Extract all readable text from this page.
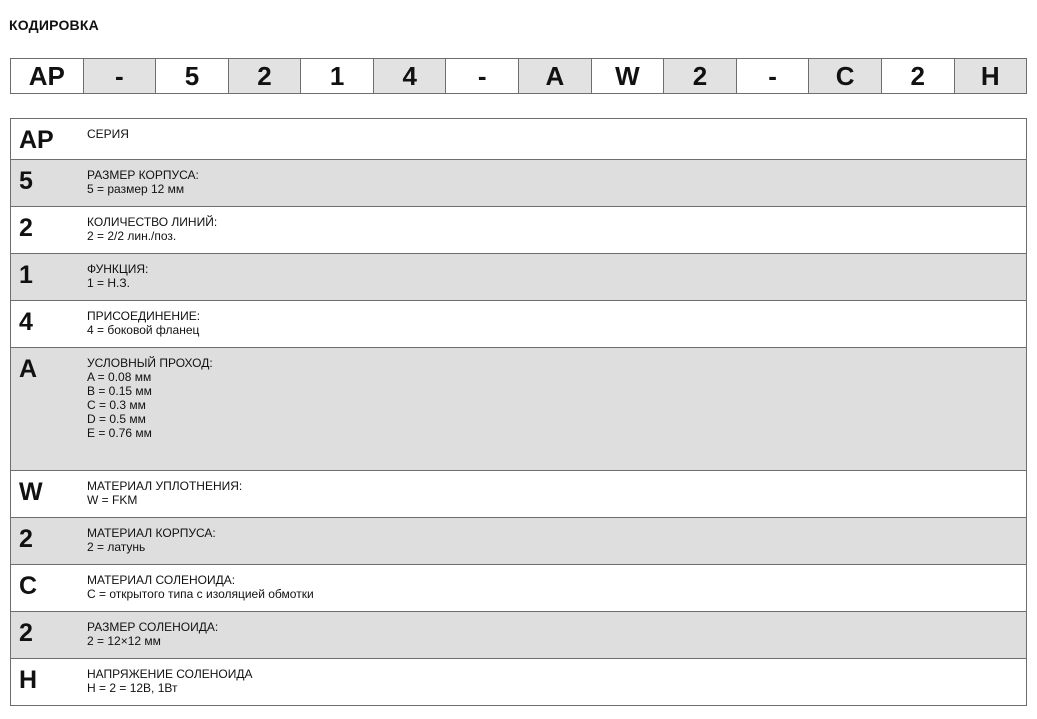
КОДИРОВКА
AP	-	5	2	1	4	-	A	W	2	-	C	2	H
AP	СЕРИЯ
5	РАЗМЕР КОРПУСА:
5 = размер 12 мм
2	КОЛИЧЕСТВО ЛИНИЙ:
2 = 2/2 лин./поз.
1	ФУНКЦИЯ:
1 = Н.З.
4	ПРИСОЕДИНЕНИЕ:
4 = боковой фланец
A	УСЛОВНЫЙ ПРОХОД:
A = 0.08 мм
B = 0.15 мм
C = 0.3 мм
D = 0.5 мм
E = 0.76 мм
W	МАТЕРИАЛ УПЛОТНЕНИЯ:
W = FKM
2	МАТЕРИАЛ КОРПУСА:
2 = латунь
C	МАТЕРИАЛ СОЛЕНОИДА:
C = открытого типа с изоляцией обмотки
2	РАЗМЕР СОЛЕНОИДА:
2 = 12×12 мм
H	НАПРЯЖЕНИЕ СОЛЕНОИДА
H = 2 = 12В, 1Вт
